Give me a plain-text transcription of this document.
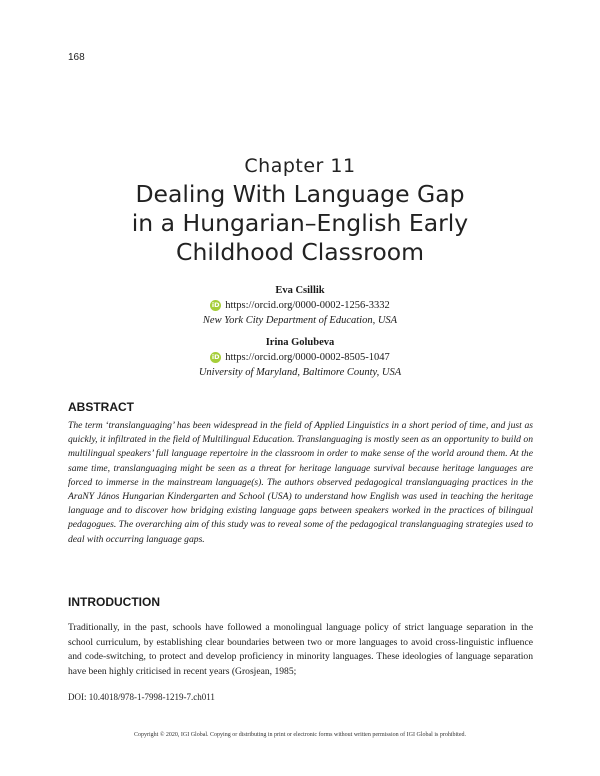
168
Chapter 11
Dealing With Language Gap
in a Hungarian–English Early
Childhood Classroom
Eva Csillik
iD https://orcid.org/0000-0002-1256-3332
New York City Department of Education, USA
Irina Golubeva
iD https://orcid.org/0000-0002-8505-1047
University of Maryland, Baltimore County, USA
ABSTRACT

The term ‘translanguaging’ has been widespread in the field of Applied Linguistics in a short period of time, and just as quickly, it infiltrated in the field of Multilingual Education. Translanguaging is mostly seen as an opportunity to build on multilingual speakers’ full language repertoire in the classroom in order to make sense of the world around them. At the same time, translanguaging might be seen as a threat for heritage language survival because heritage languages are forced to immerse in the mainstream language(s). The authors observed pedagogical translanguaging practices in the AraNY János Hungarian Kindergarten and School (USA) to understand how English was used in teaching the heritage language and to discover how bridging existing language gaps between speakers worked in the practices of bilingual pedagogues. The overarching aim of this study was to reveal some of the pedagogical translanguaging strategies used to deal with occurring language gaps.

INTRODUCTION

Traditionally, in the past, schools have followed a monolingual language policy of strict language separation in the school curriculum, by establishing clear boundaries between two or more languages to avoid cross-linguistic influence and code-switching, to protect and develop proficiency in minority languages. These ideologies of language separation have been highly criticised in recent years (Grosjean, 1985;

DOI: 10.4018/978-1-7998-1219-7.ch011
Copyright © 2020, IGI Global. Copying or distributing in print or electronic forms without written permission of IGI Global is prohibited.
